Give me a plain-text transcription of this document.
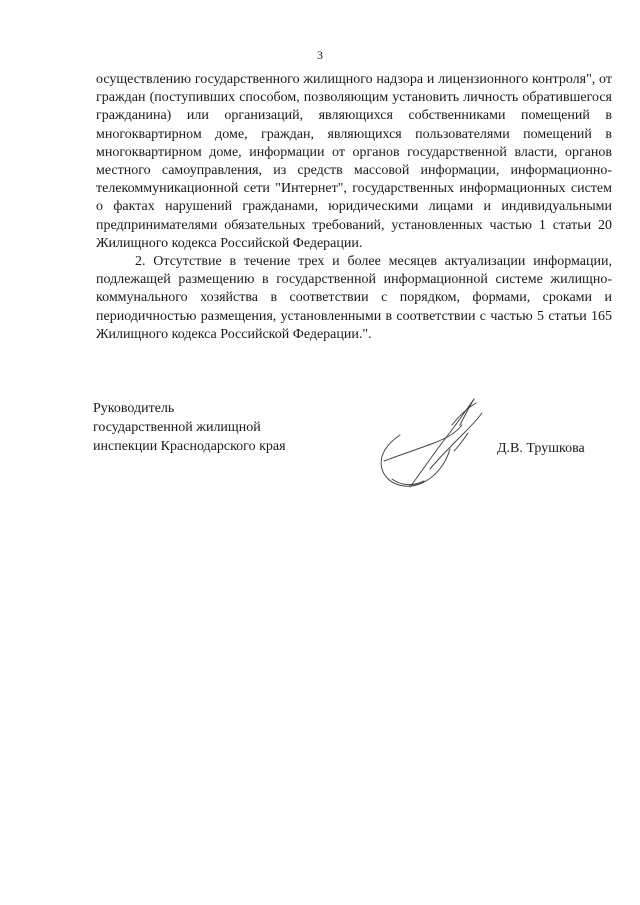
3

осуществлению государственного жилищного надзора и лицензионного контроля", от граждан (поступивших способом, позволяющим установить личность обратившегося гражданина) или организаций, являющихся собственниками помещений в многоквартирном доме, граждан, являющихся пользователями помещений в многоквартирном доме, информации от органов государственной власти, органов местного самоуправления, из средств массовой информации, информационно-телекоммуникационной сети "Интернет", государственных информационных систем о фактах нарушений гражданами, юридическими лицами и индивидуальными предпринимателями обязательных требований, установленных частью 1 статьи 20 Жилищного кодекса Российской Федерации.

2. Отсутствие в течение трех и более месяцев актуализации информации, подлежащей размещению в государственной информационной системе жилищно-коммунального хозяйства в соответствии с порядком, формами, сроками и периодичностью размещения, установленными в соответствии с частью 5 статьи 165 Жилищного кодекса Российской Федерации.".

Руководитель
государственной жилищной
инспекции Краснодарского края	Д.В. Трушкова
